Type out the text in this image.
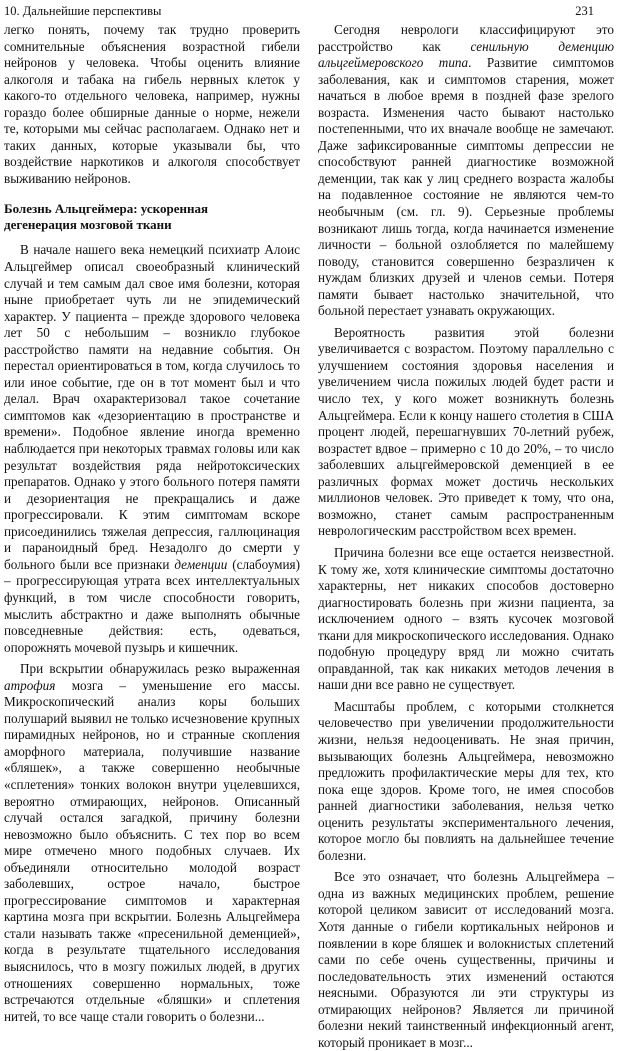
10. Дальнейшие перспективы	231

легко понять, почему так трудно проверить сомнительные объяснения возрастной гибели нейронов у человека. Чтобы оценить влияние алкоголя и табака на гибель нервных клеток у какого-то отдельного человека, например, нужны гораздо более обширные данные о норме, нежели те, которыми мы сейчас располагаем. Однако нет и таких данных, которые указывали бы, что воздействие наркотиков и алкоголя способствует выживанию нейронов.

Болезнь Альцгеймера: ускоренная дегенерация мозговой ткани

В начале нашего века немецкий психиатр Алоис Альцгеймер описал своеобразный клинический случай и тем самым дал свое имя болезни, которая ныне приобретает чуть ли не эпидемический характер. У пациента – прежде здорового человека лет 50 с небольшим – возникло глубокое расстройство памяти на недавние события. Он перестал ориентироваться в том, когда случилось то или иное событие, где он в тот момент был и что делал. Врач охарактеризовал такое сочетание симптомов как «дезориентацию в пространстве и времени». Подобное явление иногда временно наблюдается при некоторых травмах головы или как результат воздействия ряда нейротоксических препаратов. Однако у этого больного потеря памяти и дезориентация не прекращались и даже прогрессировали. К этим симптомам вскоре присоединились тяжелая депрессия, галлюцинация и параноидный бред. Незадолго до смерти у больного были все признаки деменции (слабоумия) – прогрессирующая утрата всех интеллектуальных функций, в том числе способности говорить, мыслить абстрактно и даже выполнять обычные повседневные действия: есть, одеваться, опорожнять мочевой пузырь и кишечник.

При вскрытии обнаружилась резко выраженная атрофия мозга – уменьшение его массы. Микроскопический анализ коры больших полушарий выявил не только исчезновение крупных пирамидных нейронов, но и странные скопления аморфного материала, получившие название «бляшек», а также совершенно необычные «сплетения» тонких волокон внутри уцелевшихся, вероятно отмирающих, нейронов. Описанный случай остался загадкой, причину болезни невозможно было объяснить. С тех пор во всем мире отмечено много подобных случаев. Их объединяли относительно молодой возраст заболевших, острое начало, быстрое прогрессирование симптомов и характерная картина мозга при вскрытии. Болезнь Альцгеймера стали называть также «пресенильной деменцией», когда в результате тщательного исследования выяснилось, что в мозгу пожилых людей, в других отношениях совершенно нормальных, тоже встречаются отдельные «бляшки» и сплетения нитей, то все чаще стали говорить о болезни...

Сегодня неврологи классифицируют это расстройство как сенильную деменцию альцгеймеровского типа. Развитие симптомов заболевания, как и симптомов старения, может начаться в любое время в поздней фазе зрелого возраста. Изменения часто бывают настолько постепенными, что их вначале вообще не замечают. Даже зафиксированные симптомы депрессии не способствуют ранней диагностике возможной деменции, так как у лиц среднего возраста жалобы на подавленное состояние не являются чем-то необычным (см. гл. 9). Серьезные проблемы возникают лишь тогда, когда начинается изменение личности – больной озлобляется по малейшему поводу, становится совершенно безразличен к нуждам близких друзей и членов семьи. Потеря памяти бывает настолько значительной, что больной перестает узнавать окружающих.

Вероятность развития этой болезни увеличивается с возрастом. Поэтому параллельно с улучшением состояния здоровья населения и увеличением числа пожилых людей будет расти и число тех, у кого может возникнуть болезнь Альцгеймера. Если к концу нашего столетия в США процент людей, перешагнувших 70-летний рубеж, возрастет вдвое – примерно с 10 до 20%, – то число заболевших альцгеймеровской деменцией в ее различных формах может достичь нескольких миллионов человек. Это приведет к тому, что она, возможно, станет самым распространенным неврологическим расстройством всех времен.

Причина болезни все еще остается неизвестной. К тому же, хотя клинические симптомы достаточно характерны, нет никаких способов достоверно диагностировать болезнь при жизни пациента, за исключением одного – взять кусочек мозговой ткани для микроскопического исследования. Однако подобную процедуру вряд ли можно считать оправданной, так как никаких методов лечения в наши дни все равно не существует.

Масштабы проблем, с которыми столкнется человечество при увеличении продолжительности жизни, нельзя недооценивать. Не зная причин, вызывающих болезнь Альцгеймера, невозможно предложить профилактические меры для тех, кто пока еще здоров. Кроме того, не имея способов ранней диагностики заболевания, нельзя четко оценить результаты экспериментального лечения, которое могло бы повлиять на дальнейшее течение болезни.

Все это означает, что болезнь Альцгеймера – одна из важных медицинских проблем, решение которой целиком зависит от исследований мозга. Хотя данные о гибели кортикальных нейронов и появлении в коре бляшек и волокнистых сплетений сами по себе очень существенны, причины и последовательность этих изменений остаются неясными. Образуются ли эти структуры из отмирающих нейронов? Является ли причиной болезни некий таинственный инфекционный агент, который проникает в мозг...
